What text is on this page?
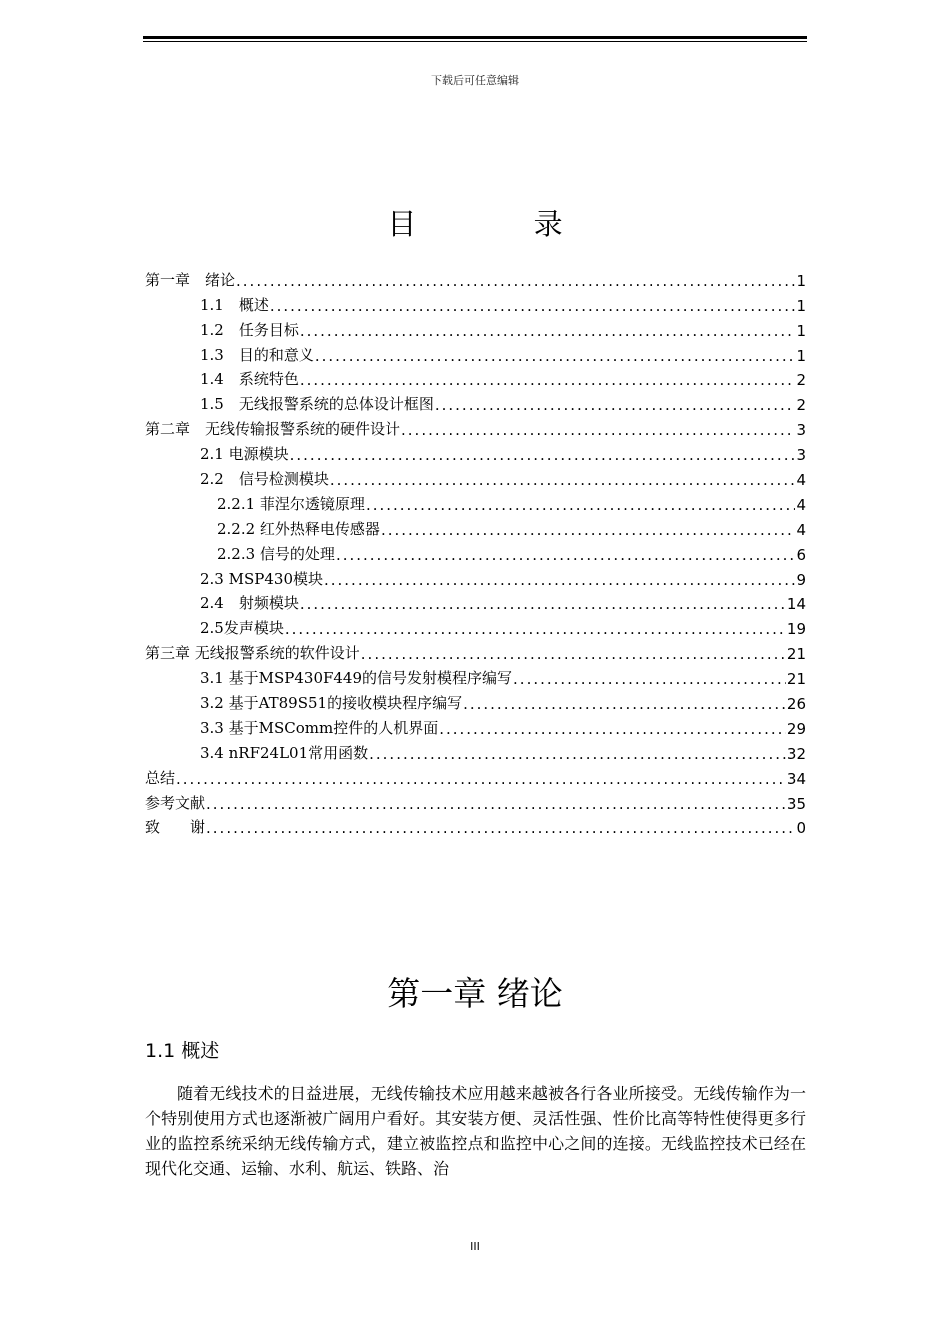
下载后可任意编辑
目 录
第一章　绪论 .....	1
1.1　概述 .....	1
1.2　任务目标 .....	1
1.3　目的和意义 .....	1
1.4　系统特色 .....	2
1.5　无线报警系统的总体设计框图 .....	2
第二章　无线传输报警系统的硬件设计 .....	3
2.1 电源模块 .....	3
2.2　信号检测模块 .....	4
2.2.1 菲涅尔透镜原理 .....	4
2.2.2 红外热释电传感器 .....	4
2.2.3 信号的处理 .....	6
2.3 MSP430模块 .....	9
2.4　射频模块 .....	14
2.5发声模块 .....	19
第三章 无线报警系统的软件设计 .....	21
3.1 基于MSP430F449的信号发射模程序编写 .....	21
3.2 基于AT89S51的接收模块程序编写 .....	26
3.3 基于MSComm控件的人机界面 .....	29
3.4 nRF24L01常用函数 .....	32
总结 .....	34
参考文献 .....	35
致　　谢 .....	0
第一章 绪论
1.1 概述

随着无线技术的日益进展，无线传输技术应用越来越被各行各业所接受。无线传输作为一个特别使用方式也逐渐被广阔用户看好。其安装方便、灵活性强、性价比高等特性使得更多行业的监控系统采纳无线传输方式，建立被监控点和监控中心之间的连接。无线监控技术已经在现代化交通、运输、水利、航运、铁路、治

III
